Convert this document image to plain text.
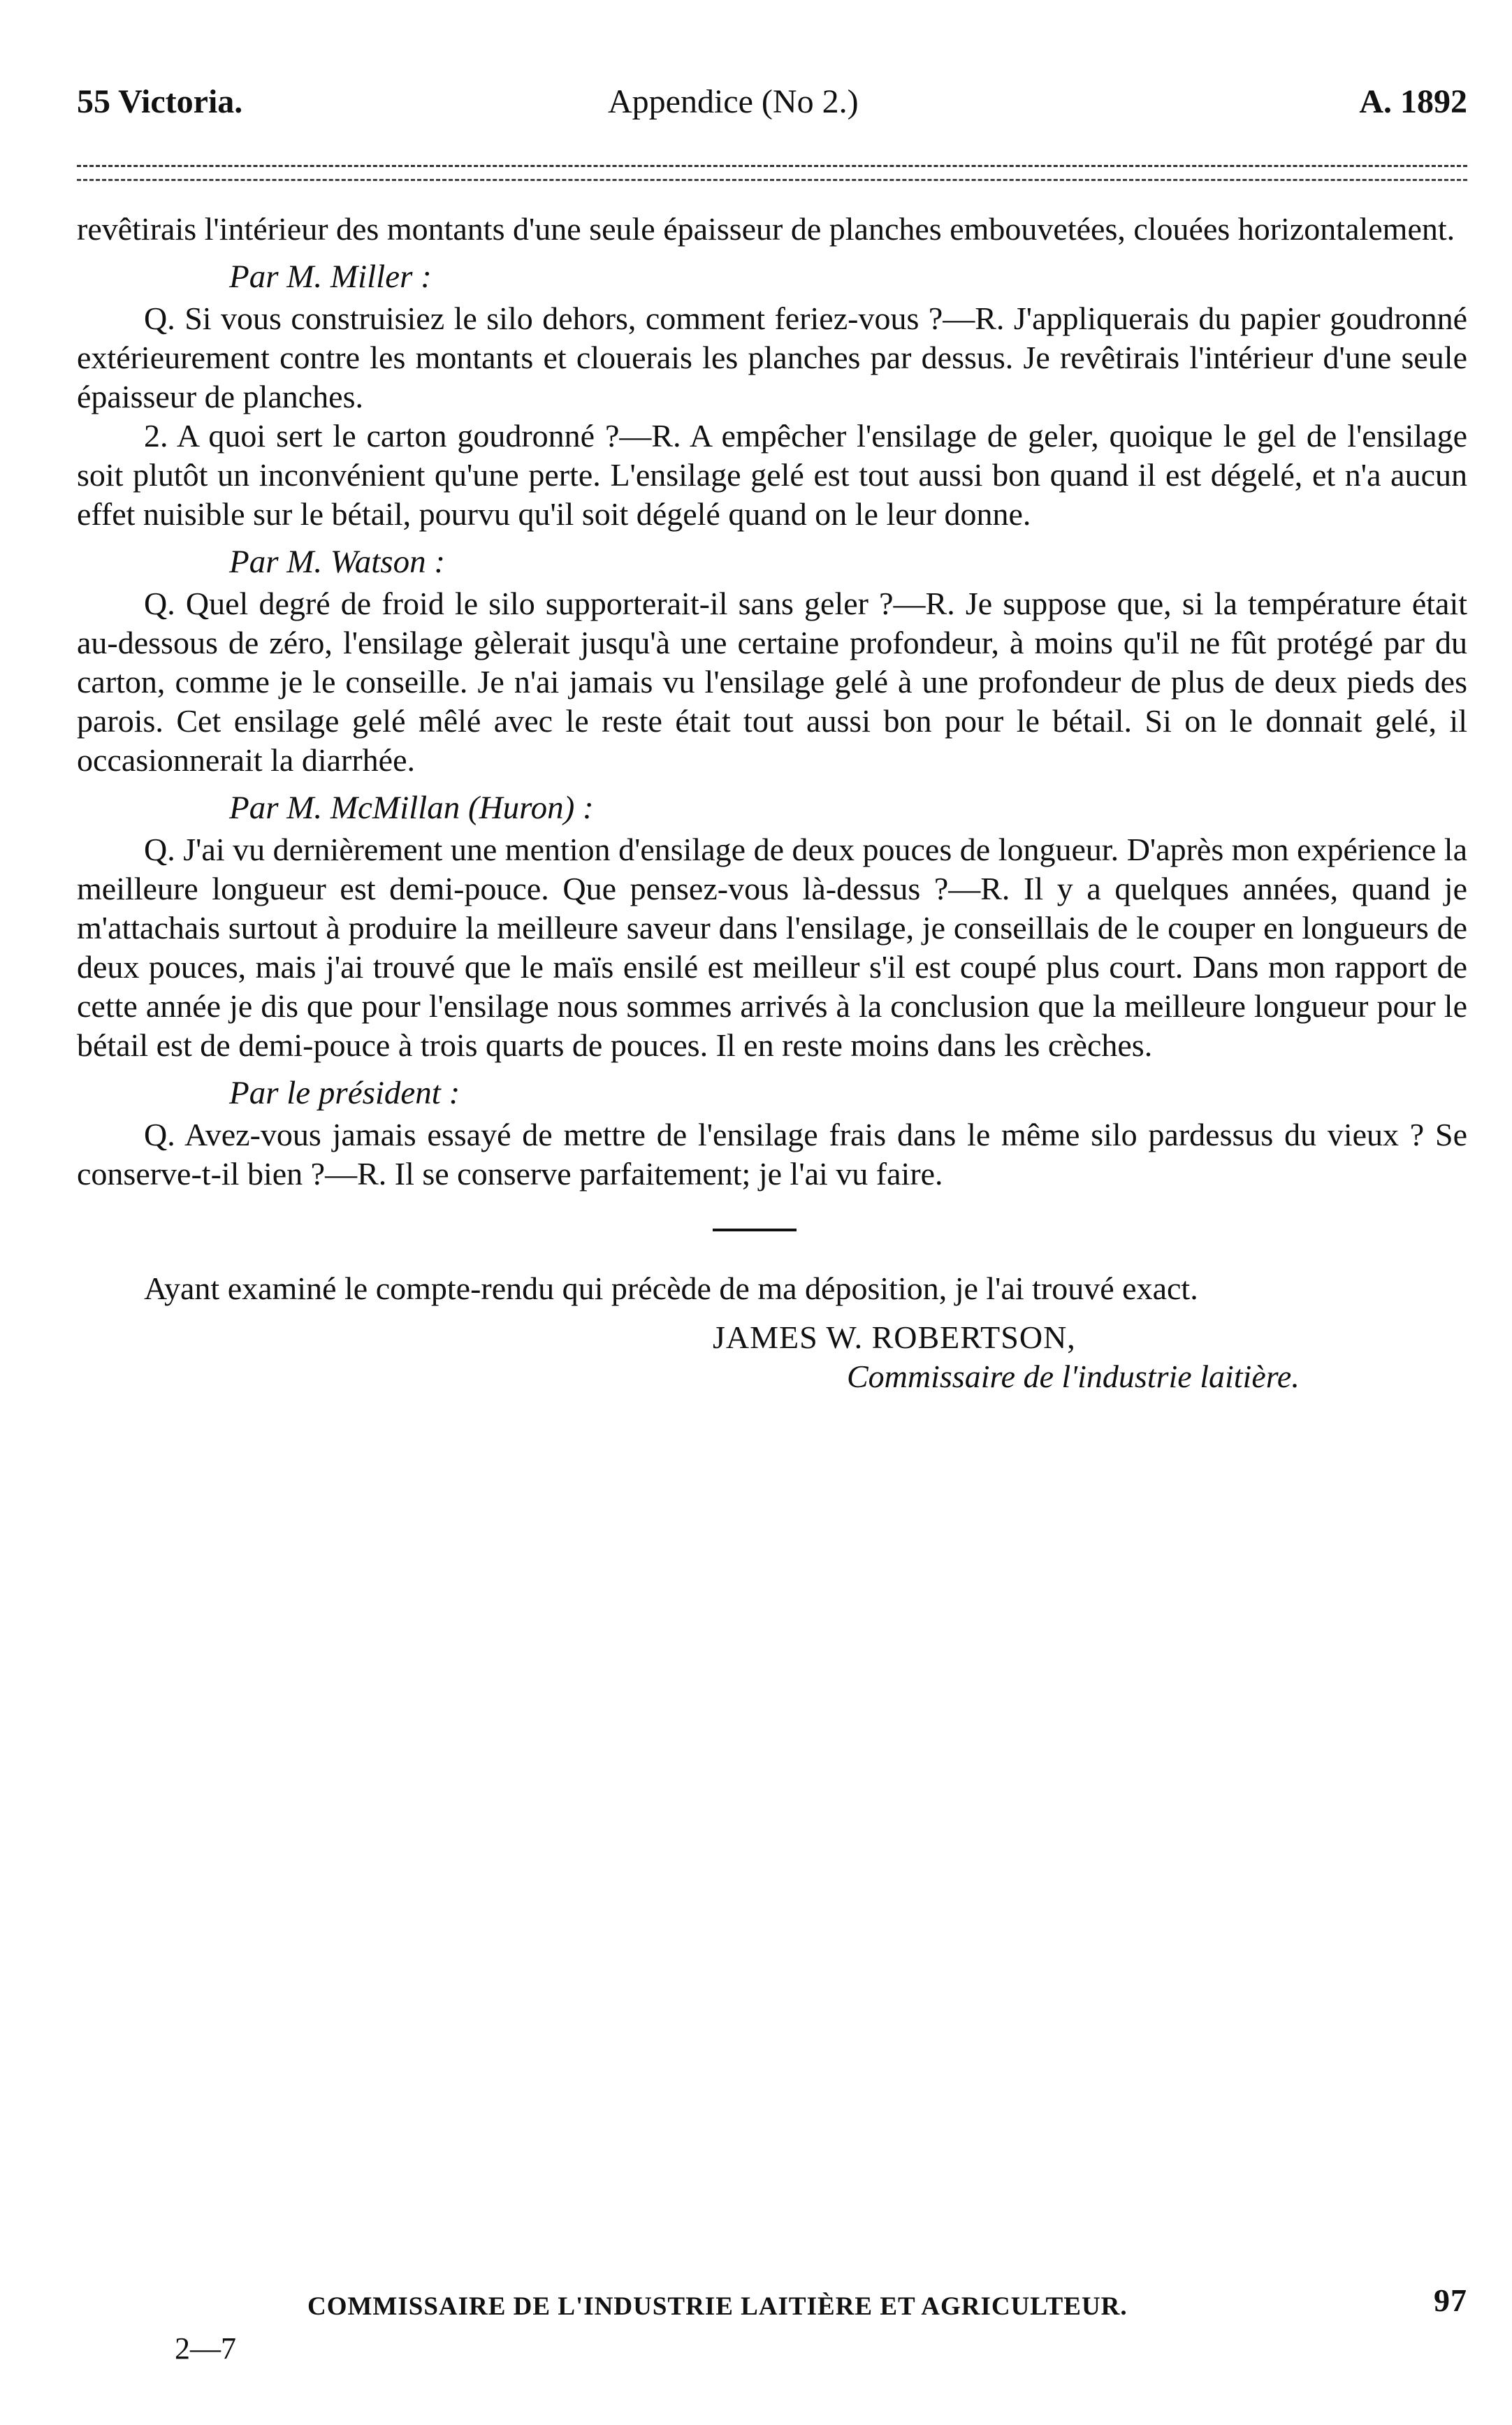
55 Victoria.	Appendice (No 2.)	A. 1892

revêtirais l'intérieur des montants d'une seule épaisseur de planches embouvetées, clouées horizontalement.

Par M. Miller :

Q. Si vous construisiez le silo dehors, comment feriez-vous ?—R. J'appliquerais du papier goudronné extérieurement contre les montants et clouerais les planches par dessus. Je revêtirais l'intérieur d'une seule épaisseur de planches.

2. A quoi sert le carton goudronné ?—R. A empêcher l'ensilage de geler, quoique le gel de l'ensilage soit plutôt un inconvénient qu'une perte. L'ensilage gelé est tout aussi bon quand il est dégelé, et n'a aucun effet nuisible sur le bétail, pourvu qu'il soit dégelé quand on le leur donne.

Par M. Watson :

Q. Quel degré de froid le silo supporterait-il sans geler ?—R. Je suppose que, si la température était au-dessous de zéro, l'ensilage gèlerait jusqu'à une certaine profondeur, à moins qu'il ne fût protégé par du carton, comme je le conseille. Je n'ai jamais vu l'ensilage gelé à une profondeur de plus de deux pieds des parois. Cet ensilage gelé mêlé avec le reste était tout aussi bon pour le bétail. Si on le donnait gelé, il occasionnerait la diarrhée.

Par M. McMillan (Huron) :

Q. J'ai vu dernièrement une mention d'ensilage de deux pouces de longueur. D'après mon expérience la meilleure longueur est demi-pouce. Que pensez-vous là-dessus ?—R. Il y a quelques années, quand je m'attachais surtout à produire la meilleure saveur dans l'ensilage, je conseillais de le couper en longueurs de deux pouces, mais j'ai trouvé que le maïs ensilé est meilleur s'il est coupé plus court. Dans mon rapport de cette année je dis que pour l'ensilage nous sommes arrivés à la conclusion que la meilleure longueur pour le bétail est de demi-pouce à trois quarts de pouces. Il en reste moins dans les crèches.

Par le président :

Q. Avez-vous jamais essayé de mettre de l'ensilage frais dans le même silo pardessus du vieux ? Se conserve-t-il bien ?—R. Il se conserve parfaitement; je l'ai vu faire.

Ayant examiné le compte-rendu qui précède de ma déposition, je l'ai trouvé exact.

JAMES W. ROBERTSON,

Commissaire de l'industrie laitière.

COMMISSAIRE DE L'INDUSTRIE LAITIÈRE ET AGRICULTEUR.	97
2—7
